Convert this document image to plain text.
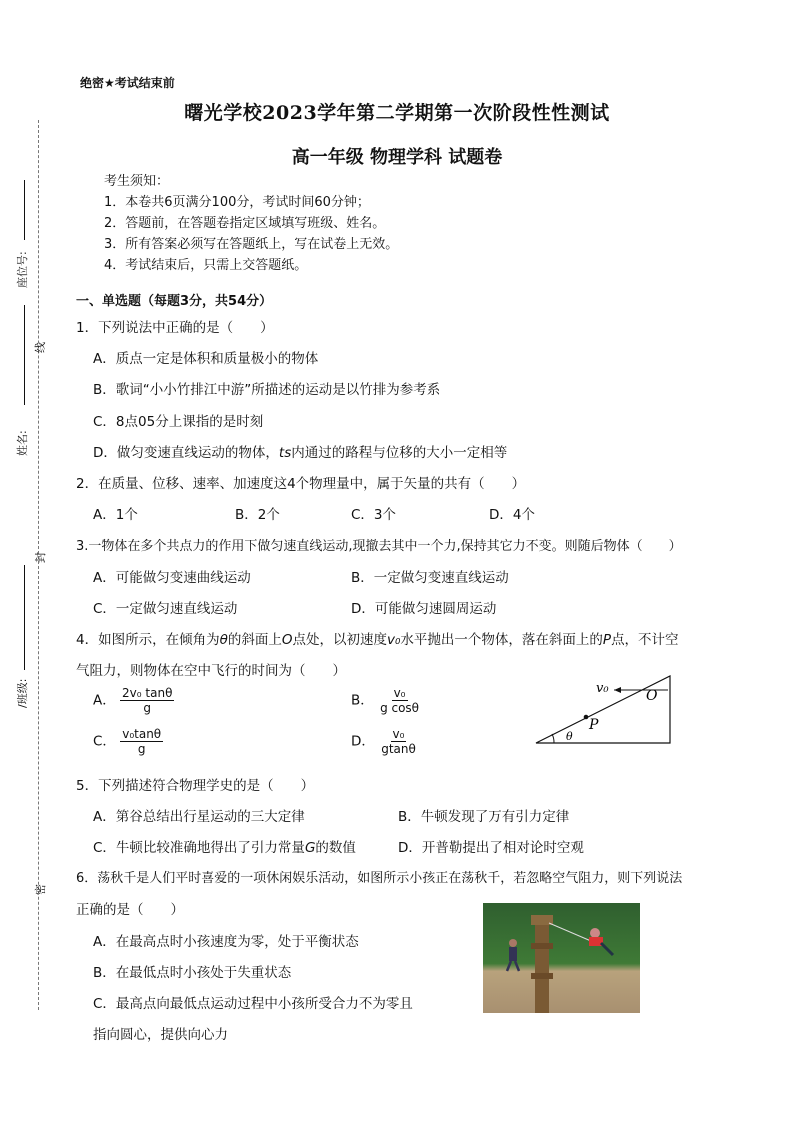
座位号:
姓名:
/班级:
线
封
密
绝密★考试结束前
曙光学校2023学年第二学期第一次阶段性性测试
高一年级 物理学科 试题卷
考生须知：
1．本卷共6页满分100分，考试时间60分钟；
2．答题前，在答题卷指定区域填写班级、姓名。
3．所有答案必须写在答题纸上，写在试卷上无效。
4．考试结束后，只需上交答题纸。
一、单选题（每题3分，共54分）
1．下列说法中正确的是（　　）
A．质点一定是体积和质量极小的物体
B．歌词“小小竹排江中游”所描述的运动是以竹排为参考系
C．8点05分上课指的是时刻
D．做匀变速直线运动的物体，ts内通过的路程与位移的大小一定相等
2．在质量、位移、速率、加速度这4个物理量中，属于矢量的共有（　　）
A．1个	B．2个	C．3个	D．4个
3.一物体在多个共点力的作用下做匀速直线运动,现撤去其中一个力,保持其它力不变。则随后物体（　　）
A．可能做匀变速曲线运动	B．一定做匀变速直线运动
C．一定做匀速直线运动	D．可能做匀速圆周运动
4．如图所示，在倾角为θ的斜面上O点处，以初速度v₀水平抛出一个物体，落在斜面上的P点，不计空
气阻力，则物体在空中飞行的时间为（　　）
A． $\frac{\text{2v₀ tanθ}}{g}$	B． $\frac{\text{v₀}}{\text{g cosθ}}$
C． $\frac{\text{v₀tanθ}}{g}$	D． $\frac{\text{v₀}}{gtan\theta}$
v₀	O
P
θ
5．下列描述符合物理学史的是（　　）
A．第谷总结出行星运动的三大定律	B．牛顿发现了万有引力定律
C．牛顿比较准确地得出了引力常量G的数值	D．开普勒提出了相对论时空观
6．荡秋千是人们平时喜爱的一项休闲娱乐活动，如图所示小孩正在荡秋千，若忽略空气阻力，则下列说法
正确的是（　　）
A．在最高点时小孩速度为零，处于平衡状态
B．在最低点时小孩处于失重状态
C．最高点向最低点运动过程中小孩所受合力不为零且
指向圆心，提供向心力
